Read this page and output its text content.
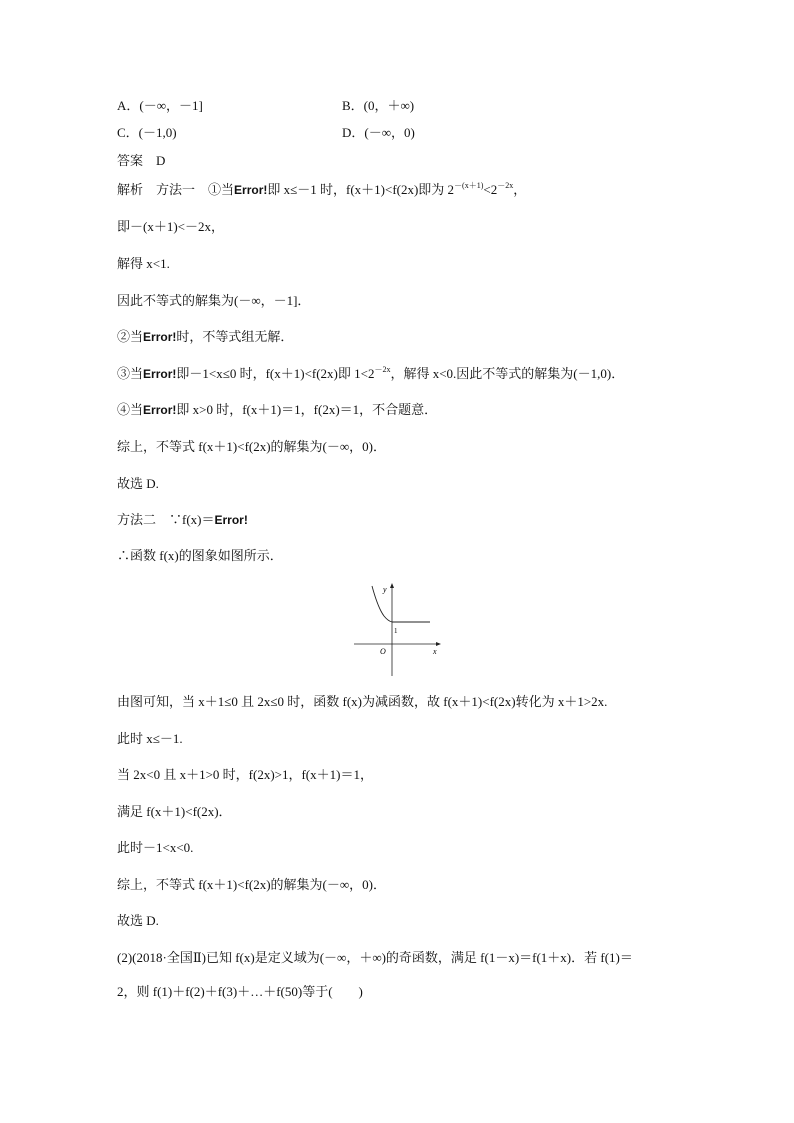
A．(－∞，－1]	B．(0，＋∞)
C．(－1,0)	D．(－∞，0)
答案　D
解析　方法一　①当Error!即 x≤－1 时，f(x＋1)<f(2x)即为 $2^{-(x+1)}<2^{-2x}$，
即－(x＋1)<－2x，
解得 x<1.
因此不等式的解集为(－∞，－1]．
②当Error!时，不等式组无解．
③当Error!即－1<x≤0 时，f(x＋1)<f(2x)即 $1<2^{-2x}$，解得 x<0.因此不等式的解集为(－1,0)．
④当Error!即 x>0 时，f(x＋1)＝1，f(2x)＝1，不合题意．
综上，不等式 f(x＋1)<f(2x)的解集为(－∞，0)．
故选 D.
方法二　∵f(x)＝Error!
∴函数 f(x)的图象如图所示．
y
x
O
1
由图可知，当 x＋1≤0 且 2x≤0 时，函数 f(x)为减函数，故 f(x＋1)<f(2x)转化为 x＋1>2x.
此时 x≤－1.
当 2x<0 且 x＋1>0 时，f(2x)>1，f(x＋1)＝1，
满足 f(x＋1)<f(2x)．
此时－1<x<0.
综上，不等式 f(x＋1)<f(2x)的解集为(－∞，0)．
故选 D.
(2)(2018·全国Ⅱ)已知 f(x)是定义域为(－∞，＋∞)的奇函数，满足 f(1－x)＝f(1＋x)．若 f(1)＝
2，则 f(1)＋f(2)＋f(3)＋…＋f(50)等于(　　)
